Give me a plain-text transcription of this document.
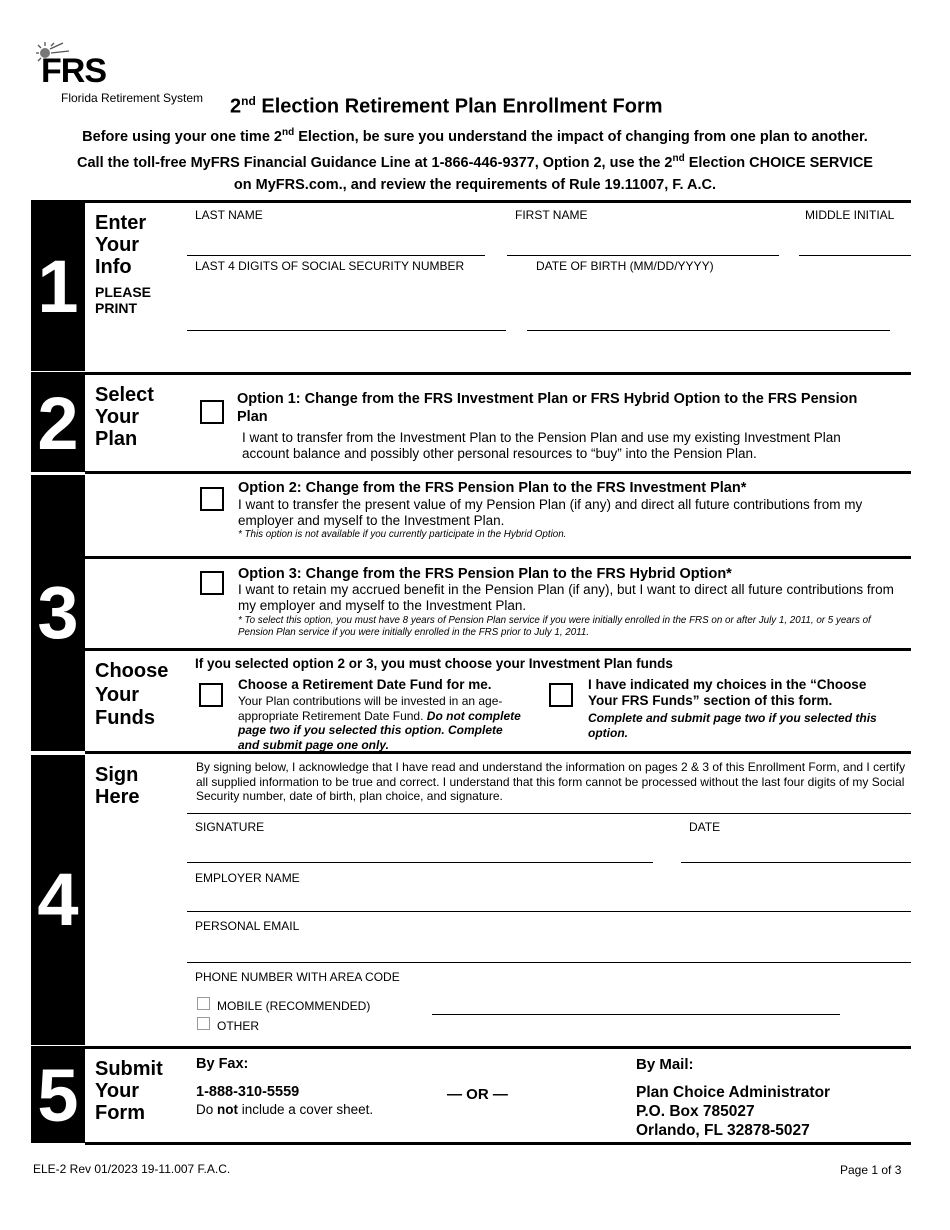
FRS
Florida Retirement System 2nd Election Retirement Plan Enrollment Form
Before using your one time 2nd Election, be sure you understand the impact of changing from one plan to another.
Call the toll-free MyFRS Financial Guidance Line at 1-866-446-9377, Option 2, use the 2nd Election CHOICE SERVICE
on MyFRS.com., and review the requirements of Rule 19.11007, F. A.C.
1
Enter
Your
Info
PLEASE
PRINT
LAST NAME	FIRST NAME	MIDDLE INITIAL
LAST 4 DIGITS OF SOCIAL SECURITY NUMBER	DATE OF BIRTH (MM/DD/YYYY)
2 Select
Your
Plan
Option 1: Change from the FRS Investment Plan or FRS Hybrid Option to the FRS Pension Plan
I want to transfer from the Investment Plan to the Pension Plan and use my existing Investment Plan account balance and possibly other personal resources to “buy” into the Pension Plan.
3
Option 2: Change from the FRS Pension Plan to the FRS Investment Plan*
I want to transfer the present value of my Pension Plan (if any) and direct all future contributions from my employer and myself to the Investment Plan.
* This option is not available if you currently participate in the Hybrid Option.
Option 3: Change from the FRS Pension Plan to the FRS Hybrid Option*
I want to retain my accrued benefit in the Pension Plan (if any), but I want to direct all future contributions from my employer and myself to the Investment Plan.
* To select this option, you must have 8 years of Pension Plan service if you were initially enrolled in the FRS on or after July 1, 2011, or 5 years of Pension Plan service if you were initially enrolled in the FRS prior to July 1, 2011.
Choose
Your
Funds
If you selected option 2 or 3, you must choose your Investment Plan funds
Choose a Retirement Date Fund for me.
Your Plan contributions will be invested in an age-appropriate Retirement Date Fund. Do not complete page two if you selected this option. Complete and submit page one only.
I have indicated my choices in the “Choose Your FRS Funds” section of this form.
Complete and submit page two if you selected this option.
4
Sign
Here
By signing below, I acknowledge that I have read and understand the information on pages 2 & 3 of this Enrollment Form, and I certify all supplied information to be true and correct. I understand that this form cannot be processed without the last four digits of my Social Security number, date of birth, plan choice, and signature.
SIGNATURE	DATE
EMPLOYER NAME
PERSONAL EMAIL
PHONE NUMBER WITH AREA CODE
MOBILE (RECOMMENDED)
OTHER
5 Submit
Your
Form
By Fax:
1-888-310-5559
Do not include a cover sheet.
— OR —
By Mail:
Plan Choice Administrator
P.O. Box 785027
Orlando, FL 32878-5027
ELE-2 Rev 01/2023 19-11.007 F.A.C.	Page 1 of 3
